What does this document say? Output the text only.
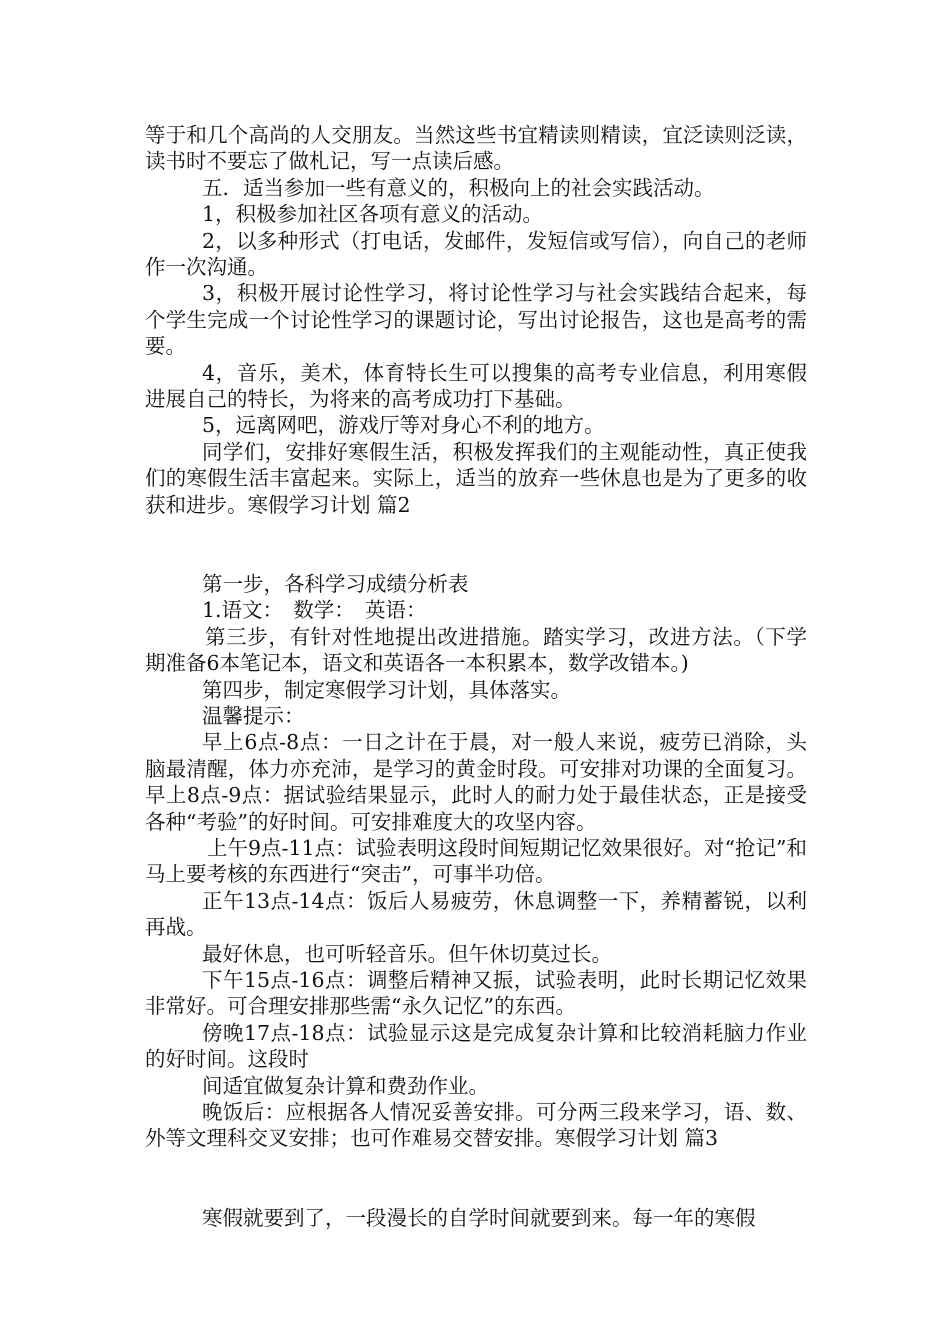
等于和几个高尚的人交朋友。当然这些书宜精读则精读，宜泛读则泛读，读书时不要忘了做札记，写一点读后感。

五．适当参加一些有意义的，积极向上的社会实践活动。

1，积极参加社区各项有意义的活动。

2，以多种形式（打电话，发邮件，发短信或写信），向自己的老师作一次沟通。

3，积极开展讨论性学习，将讨论性学习与社会实践结合起来，每个学生完成一个讨论性学习的课题讨论，写出讨论报告，这也是高考的需要。

4，音乐，美术，体育特长生可以搜集的高考专业信息，利用寒假进展自己的特长，为将来的高考成功打下基础。

5，远离网吧，游戏厅等对身心不利的地方。

同学们，安排好寒假生活，积极发挥我们的主观能动性，真正使我们的寒假生活丰富起来。实际上，适当的放弃一些休息也是为了更多的收获和进步。寒假学习计划 篇2

第一步，各科学习成绩分析表

1.语文：　数学：　英语：

第三步，有针对性地提出改进措施。踏实学习，改进方法。（下学期准备6本笔记本，语文和英语各一本积累本，数学改错本。)

第四步，制定寒假学习计划，具体落实。

温馨提示：

早上6点-8点：一日之计在于晨，对一般人来说，疲劳已消除，头脑最清醒，体力亦充沛，是学习的黄金时段。可安排对功课的全面复习。早上8点-9点：据试验结果显示，此时人的耐力处于最佳状态，正是接受各种“考验”的好时间。可安排难度大的攻坚内容。

上午9点-11点：试验表明这段时间短期记忆效果很好。对“抢记”和马上要考核的东西进行“突击”，可事半功倍。

正午13点-14点：饭后人易疲劳，休息调整一下，养精蓄锐，以利再战。

最好休息，也可听轻音乐。但午休切莫过长。

下午15点-16点：调整后精神又振，试验表明，此时长期记忆效果非常好。可合理安排那些需“永久记忆”的东西。

傍晚17点-18点：试验显示这是完成复杂计算和比较消耗脑力作业的好时间。这段时

间适宜做复杂计算和费劲作业。

晚饭后：应根据各人情况妥善安排。可分两三段来学习，语、数、外等文理科交叉安排；也可作难易交替安排。寒假学习计划 篇3

寒假就要到了，一段漫长的自学时间就要到来。每一年的寒假
